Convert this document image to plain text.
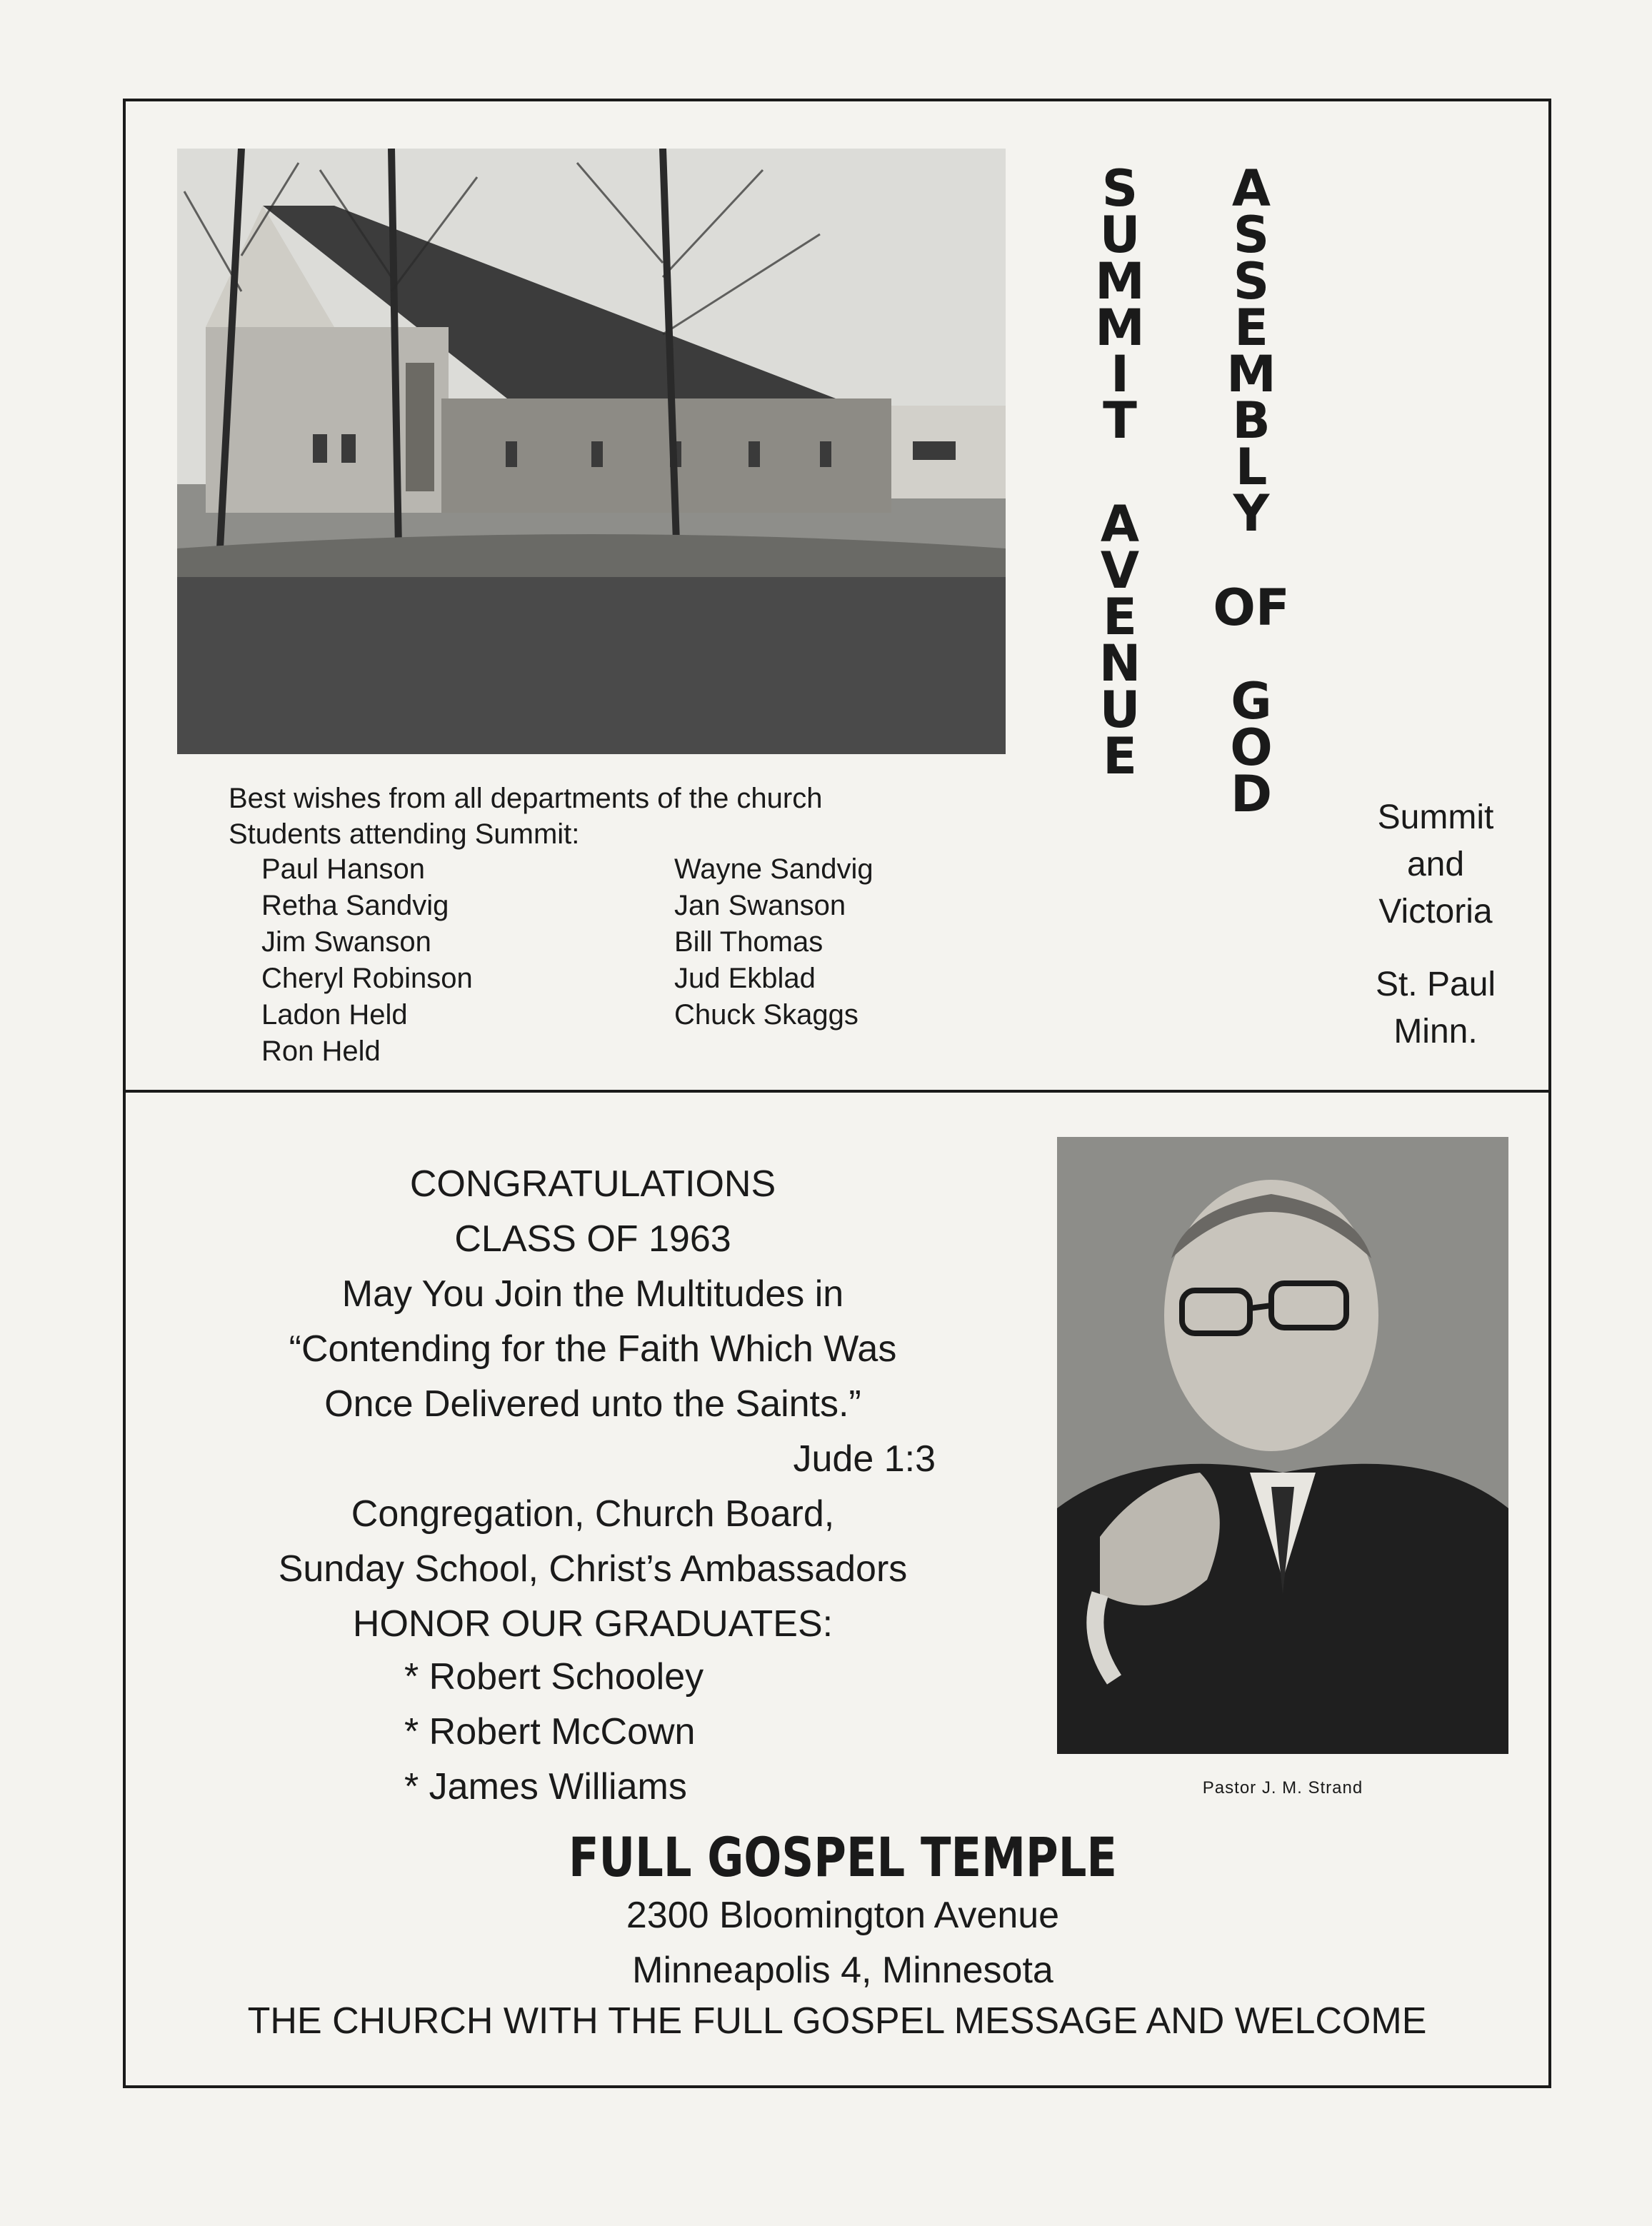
Best wishes from all departments of the church
Students attending Summit:
Paul Hanson
Retha Sandvig
Jim Swanson
Cheryl Robinson
Ladon Held
Ron Held
Wayne Sandvig
Jan Swanson
Bill Thomas
Jud Ekblad
Chuck Skaggs
S
U
M
M
I
T
A
V
E
N
U
E
A
S
S
E
M
B
L
Y
OF
G
O
D	Summit
and
Victoria
St. Paul
Minn.
CONGRATULATIONS
CLASS OF 1963
May You Join the Multitudes in
“Contending for the Faith Which Was
Once Delivered unto the Saints.”
Jude 1:3
Congregation, Church Board,
Sunday School, Christ’s Ambassadors
HONOR OUR GRADUATES:
* Robert Schooley
* Robert McCown
* James Williams	Pastor J. M. Strand
FULL GOSPEL TEMPLE
2300 Bloomington Avenue
Minneapolis 4, Minnesota
THE CHURCH WITH THE FULL GOSPEL MESSAGE AND WELCOME
